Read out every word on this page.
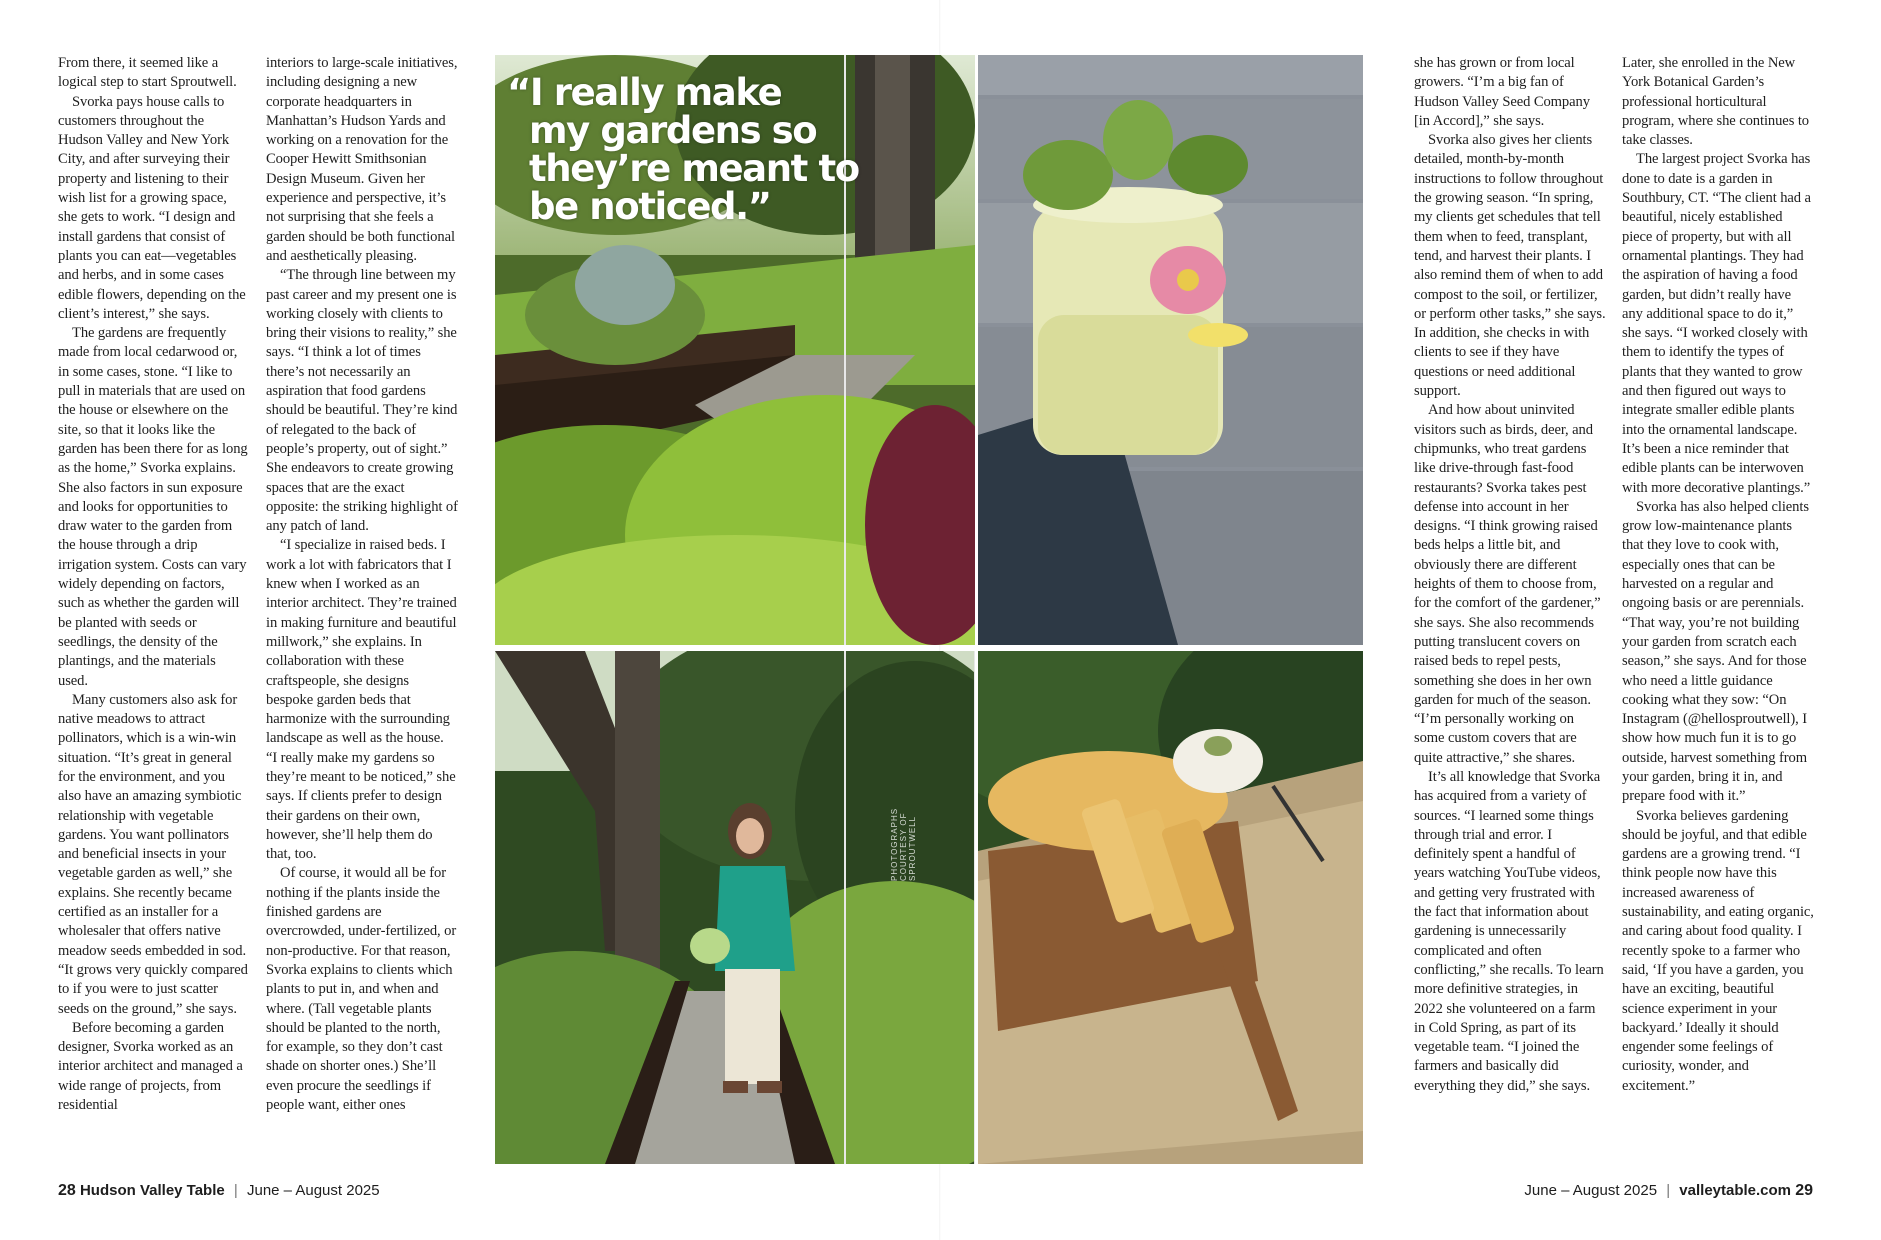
From there, it seemed like a logical step to start Sproutwell.

Svorka pays house calls to customers throughout the Hudson Valley and New York City, and after surveying their property and listening to their wish list for a growing space, she gets to work. “I design and install gardens that consist of plants you can eat—vegetables and herbs, and in some cases edible flowers, depending on the client’s interest,” she says.

The gardens are frequently made from local cedarwood or, in some cases, stone. “I like to pull in materials that are used on the house or elsewhere on the site, so that it looks like the garden has been there for as long as the home,” Svorka explains. She also factors in sun exposure and looks for opportunities to draw water to the garden from the house through a drip irrigation system. Costs can vary widely depending on factors, such as whether the garden will be planted with seeds or seedlings, the density of the plantings, and the materials used.

Many customers also ask for native meadows to attract pollinators, which is a win-win situation. “It’s great in general for the environment, and you also have an amazing symbiotic relationship with vegetable gardens. You want pollinators and beneficial insects in your vegetable garden as well,” she explains. She recently became certified as an installer for a wholesaler that offers native meadow seeds embedded in sod. “It grows very quickly compared to if you were to just scatter seeds on the ground,” she says.

Before becoming a garden designer, Svorka worked as an interior architect and managed a wide range of projects, from residential

interiors to large-scale initiatives, including designing a new corporate headquarters in Manhattan’s Hudson Yards and working on a renovation for the Cooper Hewitt Smithsonian Design Museum. Given her experience and perspective, it’s not surprising that she feels a garden should be both functional and aesthetically pleasing.

“The through line between my past career and my present one is working closely with clients to bring their visions to reality,” she says. “I think a lot of times there’s not necessarily an aspiration that food gardens should be beautiful. They’re kind of relegated to the back of people’s property, out of sight.” She endeavors to create growing spaces that are the exact opposite: the striking highlight of any patch of land.

“I specialize in raised beds. I work a lot with fabricators that I knew when I worked as an interior architect. They’re trained in making furniture and beautiful millwork,” she explains. In collaboration with these craftspeople, she designs bespoke garden beds that harmonize with the surrounding landscape as well as the house. “I really make my gardens so they’re meant to be noticed,” she says. If clients prefer to design their gardens on their own, however, she’ll help them do that, too.

Of course, it would all be for nothing if the plants inside the finished gardens are overcrowded, under-fertilized, or non-productive. For that reason, Svorka explains to clients which plants to put in, and when and where. (Tall vegetable plants should be planted to the north, for example, so they don’t cast shade on shorter ones.) She’ll even procure the seedlings if people want, either ones

“I really make
my gardens so they’re meant to be noticed.”
PHOTOGRAPHS COURTESY OF SPROUTWELL

she has grown or from local growers. “I’m a big fan of Hudson Valley Seed Company [in Accord],” she says.

Svorka also gives her clients detailed, month-by-month instructions to follow throughout the growing season. “In spring, my clients get schedules that tell them when to feed, transplant, tend, and harvest their plants. I also remind them of when to add compost to the soil, or fertilizer, or perform other tasks,” she says. In addition, she checks in with clients to see if they have questions or need additional support.

And how about uninvited visitors such as birds, deer, and chipmunks, who treat gardens like drive-through fast-food restaurants? Svorka takes pest defense into account in her designs. “I think growing raised beds helps a little bit, and obviously there are different heights of them to choose from, for the comfort of the gardener,” she says. She also recommends putting translucent covers on raised beds to repel pests, something she does in her own garden for much of the season. “I’m personally working on some custom covers that are quite attractive,” she shares.

It’s all knowledge that Svorka has acquired from a variety of sources. “I learned some things through trial and error. I definitely spent a handful of years watching YouTube videos, and getting very frustrated with the fact that information about gardening is unnecessarily complicated and often conflicting,” she recalls. To learn more definitive strategies, in 2022 she volunteered on a farm in Cold Spring, as part of its vegetable team. “I joined the farmers and basically did everything they did,” she says.

Later, she enrolled in the New York Botanical Garden’s professional horticultural program, where she continues to take classes.

The largest project Svorka has done to date is a garden in Southbury, CT. “The client had a beautiful, nicely established piece of property, but with all ornamental plantings. They had the aspiration of having a food garden, but didn’t really have any additional space to do it,” she says. “I worked closely with them to identify the types of plants that they wanted to grow and then figured out ways to integrate smaller edible plants into the ornamental landscape. It’s been a nice reminder that edible plants can be interwoven with more decorative plantings.”

Svorka has also helped clients grow low-maintenance plants that they love to cook with, especially ones that can be harvested on a regular and ongoing basis or are perennials. “That way, you’re not building your garden from scratch each season,” she says. And for those who need a little guidance cooking what they sow: “On Instagram (@hellosproutwell), I show how much fun it is to go outside, harvest something from your garden, bring it in, and prepare food with it.”

Svorka believes gardening should be joyful, and that edible gardens are a growing trend. “I think people now have this increased awareness of sustainability, and eating organic, and caring about food quality. I recently spoke to a farmer who said, ‘If you have a garden, you have an exciting, beautiful science experiment in your backyard.’ Ideally it should engender some feelings of curiosity, wonder, and excitement.”

28 Hudson Valley Table | June – August 2025	June – August 2025 | valleytable.com 29
